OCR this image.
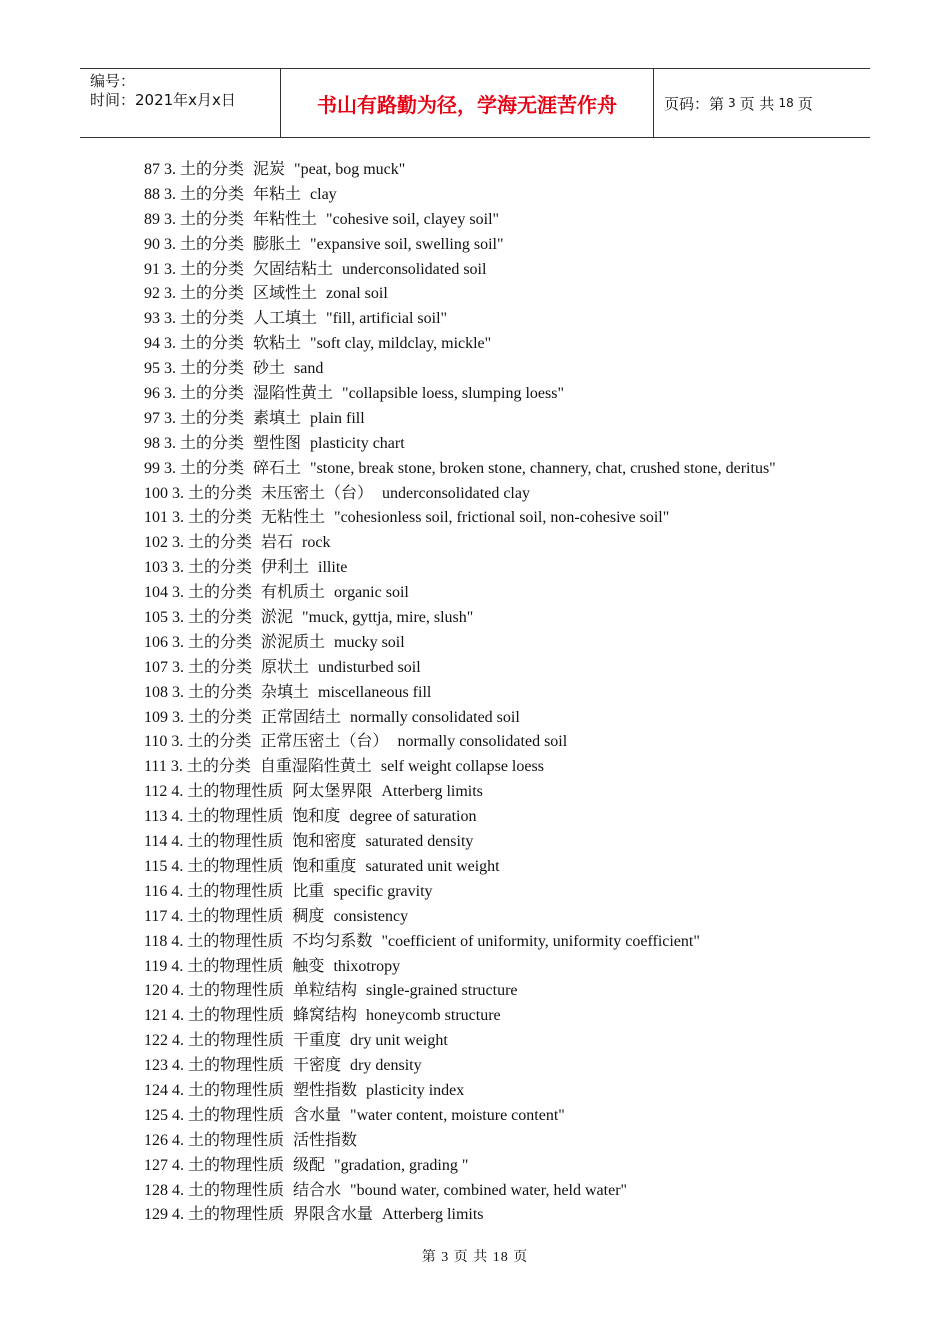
编号：
时间：2021年x月x日	书山有路勤为径，学海无涯苦作舟	页码：第 3 页 共 18 页
87 3. 土的分类 泥炭 "peat, bog muck"
88 3. 土的分类 年粘土 clay
89 3. 土的分类 年粘性土 "cohesive soil, clayey soil"
90 3. 土的分类 膨胀土 "expansive soil, swelling soil"
91 3. 土的分类 欠固结粘土 underconsolidated soil
92 3. 土的分类 区域性土 zonal soil
93 3. 土的分类 人工填土 "fill, artificial soil"
94 3. 土的分类 软粘土 "soft clay, mildclay, mickle"
95 3. 土的分类 砂土 sand
96 3. 土的分类 湿陷性黄土 "collapsible loess, slumping loess"
97 3. 土的分类 素填土 plain fill
98 3. 土的分类 塑性图 plasticity chart
99 3. 土的分类 碎石土 "stone, break stone, broken stone, channery, chat, crushed stone, deritus"
100 3. 土的分类 未压密土（台） underconsolidated clay
101 3. 土的分类 无粘性土 "cohesionless soil, frictional soil, non-cohesive soil"
102 3. 土的分类 岩石 rock
103 3. 土的分类 伊利土 illite
104 3. 土的分类 有机质土 organic soil
105 3. 土的分类 淤泥 "muck, gyttja, mire, slush"
106 3. 土的分类 淤泥质土 mucky soil
107 3. 土的分类 原状土 undisturbed soil
108 3. 土的分类 杂填土 miscellaneous fill
109 3. 土的分类 正常固结土 normally consolidated soil
110 3. 土的分类 正常压密土（台） normally consolidated soil
111 3. 土的分类 自重湿陷性黄土 self weight collapse loess
112 4. 土的物理性质 阿太堡界限 Atterberg limits
113 4. 土的物理性质 饱和度 degree of saturation
114 4. 土的物理性质 饱和密度 saturated density
115 4. 土的物理性质 饱和重度 saturated unit weight
116 4. 土的物理性质 比重 specific gravity
117 4. 土的物理性质 稠度 consistency
118 4. 土的物理性质 不均匀系数 "coefficient of uniformity, uniformity coefficient"
119 4. 土的物理性质 触变 thixotropy
120 4. 土的物理性质 单粒结构 single-grained structure
121 4. 土的物理性质 蜂窝结构 honeycomb structure
122 4. 土的物理性质 干重度 dry unit weight
123 4. 土的物理性质 干密度 dry density
124 4. 土的物理性质 塑性指数 plasticity index
125 4. 土的物理性质 含水量 "water content, moisture content"
126 4. 土的物理性质 活性指数
127 4. 土的物理性质 级配 "gradation, grading "
128 4. 土的物理性质 结合水 "bound water, combined water, held water"
129 4. 土的物理性质 界限含水量 Atterberg limits
第 3 页 共 18 页
